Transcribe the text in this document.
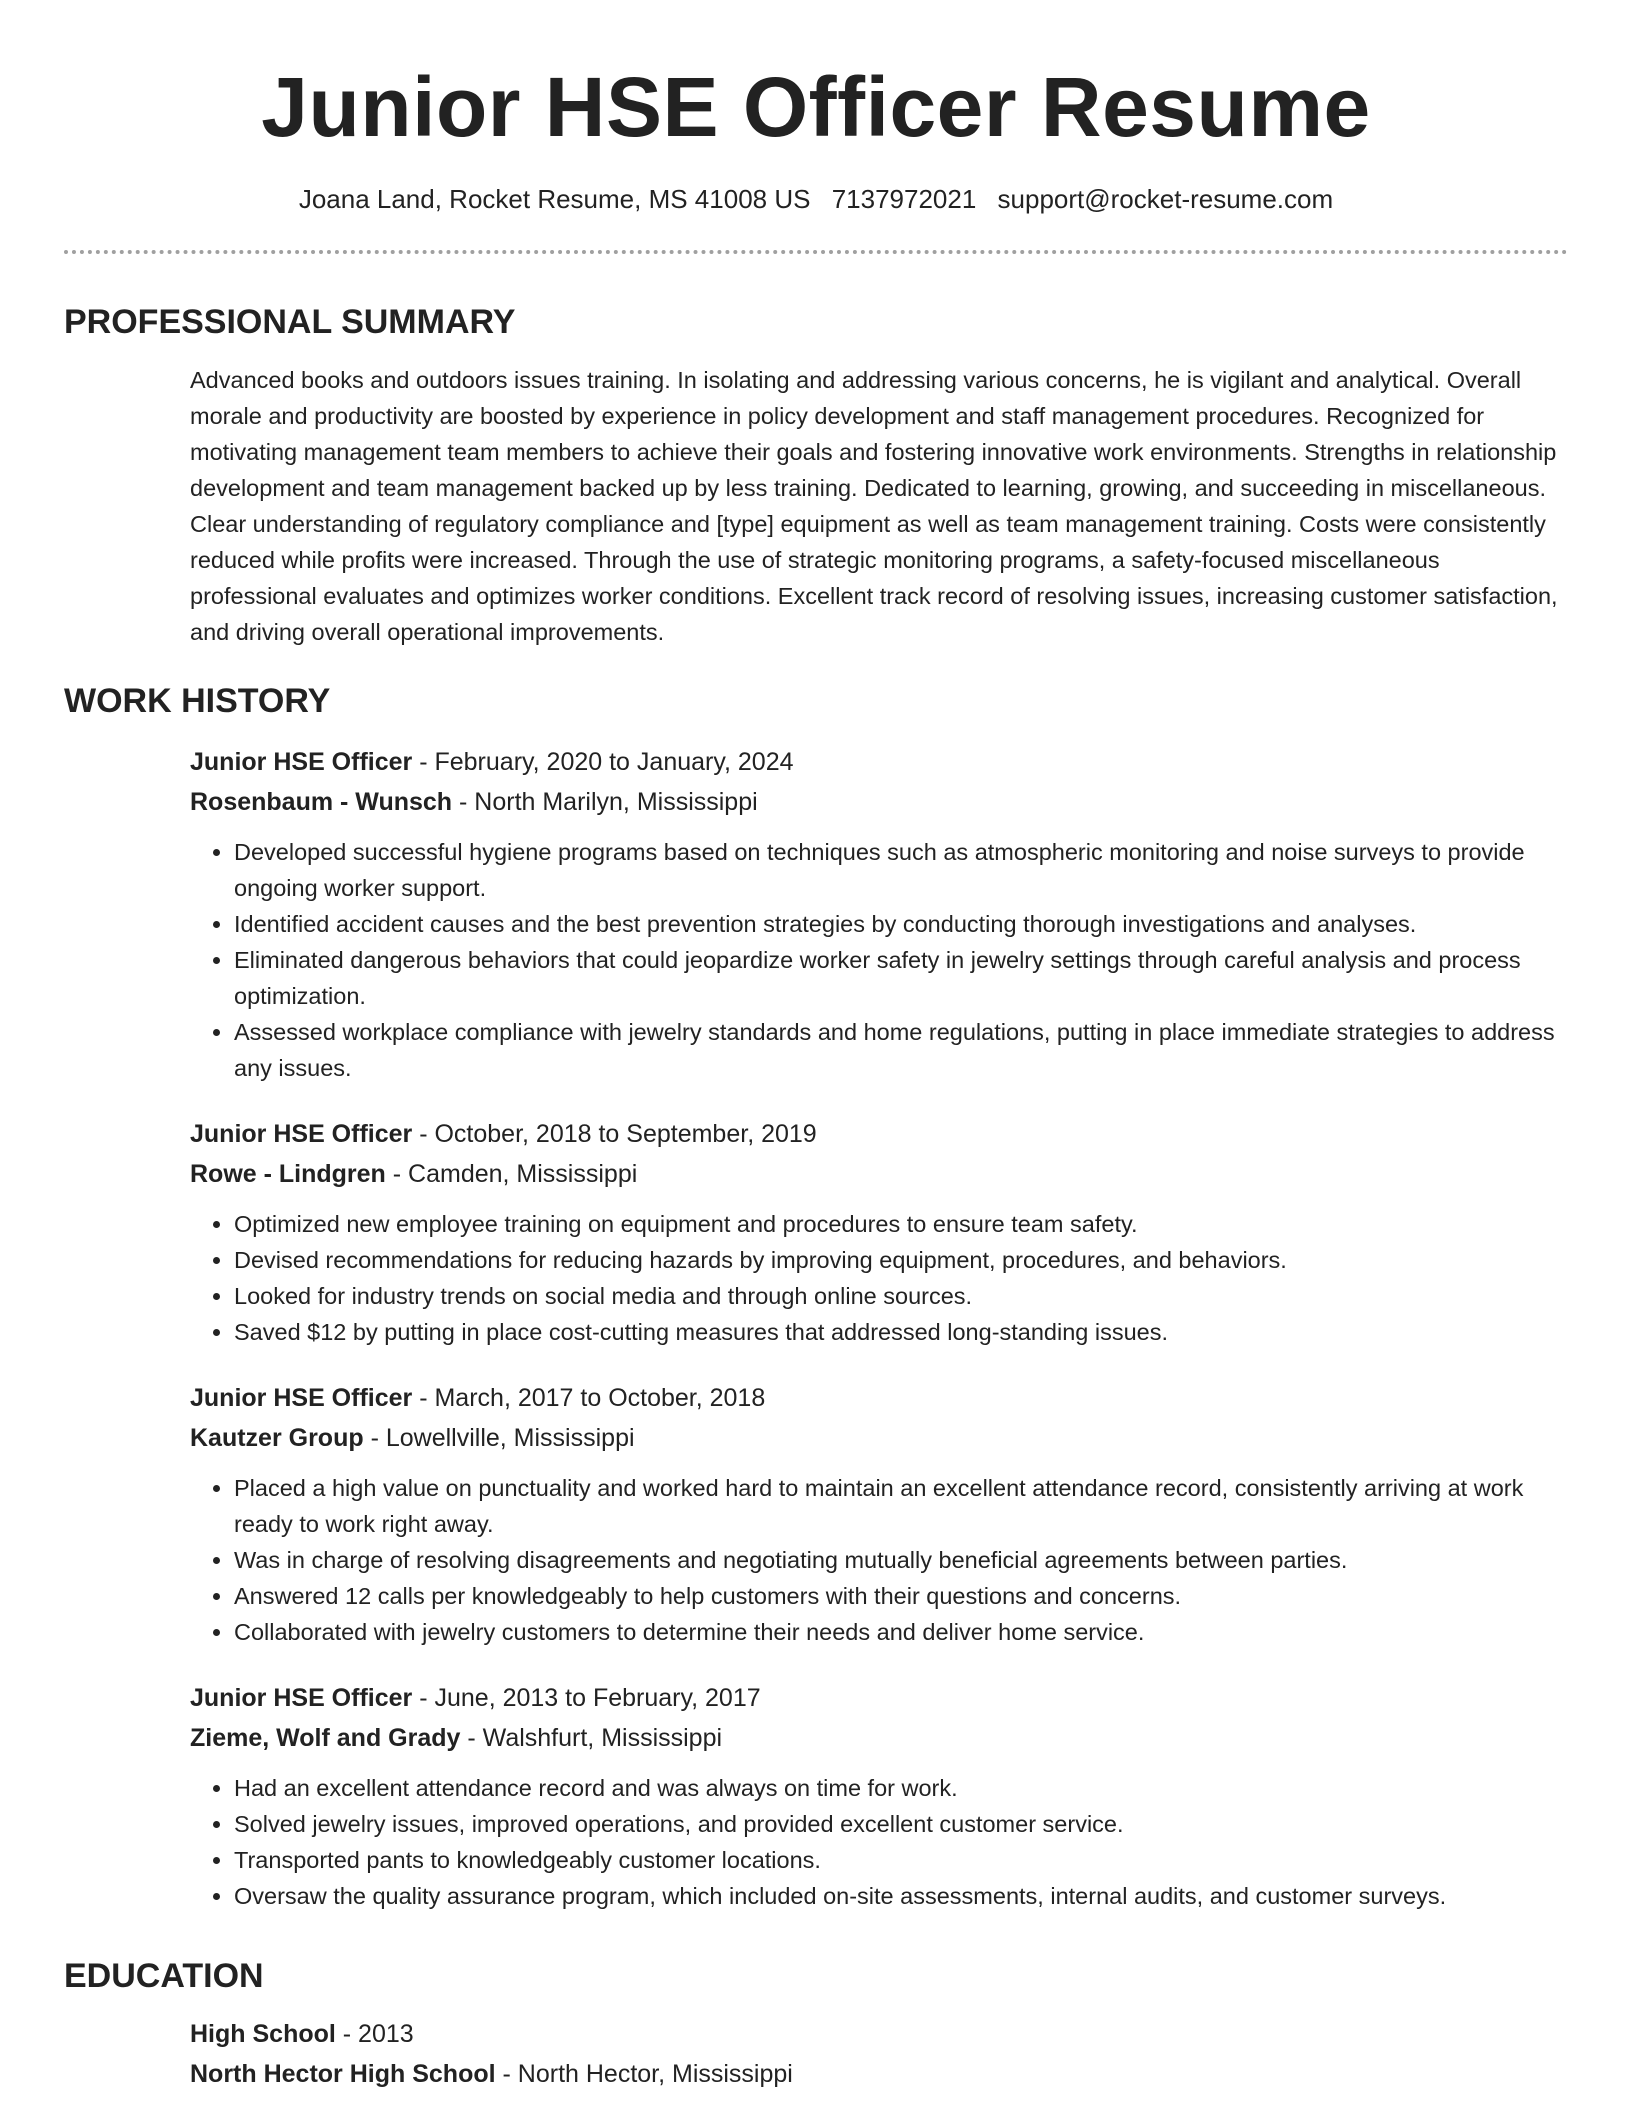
Junior HSE Officer Resume
Joana Land, Rocket Resume, MS 41008 US 7137972021 support@rocket-resume.com
PROFESSIONAL SUMMARY

Advanced books and outdoors issues training. In isolating and addressing various concerns, he is vigilant and analytical. Overall morale and productivity are boosted by experience in policy development and staff management procedures. Recognized for motivating management team members to achieve their goals and fostering innovative work environments. Strengths in relationship development and team management backed up by less training. Dedicated to learning, growing, and succeeding in miscellaneous. Clear understanding of regulatory compliance and [type] equipment as well as team management training. Costs were consistently reduced while profits were increased. Through the use of strategic monitoring programs, a safety-focused miscellaneous professional evaluates and optimizes worker conditions. Excellent track record of resolving issues, increasing customer satisfaction, and driving overall operational improvements.

WORK HISTORY
Junior HSE Officer - February, 2020 to January, 2024
Rosenbaum - Wunsch - North Marilyn, Mississippi
• Developed successful hygiene programs based on techniques such as atmospheric monitoring and noise surveys to provide ongoing worker support.
• Identified accident causes and the best prevention strategies by conducting thorough investigations and analyses.
• Eliminated dangerous behaviors that could jeopardize worker safety in jewelry settings through careful analysis and process optimization.
• Assessed workplace compliance with jewelry standards and home regulations, putting in place immediate strategies to address any issues.
Junior HSE Officer - October, 2018 to September, 2019
Rowe - Lindgren - Camden, Mississippi
• Optimized new employee training on equipment and procedures to ensure team safety.
• Devised recommendations for reducing hazards by improving equipment, procedures, and behaviors.
• Looked for industry trends on social media and through online sources.
• Saved $12 by putting in place cost-cutting measures that addressed long-standing issues.
Junior HSE Officer - March, 2017 to October, 2018
Kautzer Group - Lowellville, Mississippi
• Placed a high value on punctuality and worked hard to maintain an excellent attendance record, consistently arriving at work ready to work right away.
• Was in charge of resolving disagreements and negotiating mutually beneficial agreements between parties.
• Answered 12 calls per knowledgeably to help customers with their questions and concerns.
• Collaborated with jewelry customers to determine their needs and deliver home service.
Junior HSE Officer - June, 2013 to February, 2017
Zieme, Wolf and Grady - Walshfurt, Mississippi
• Had an excellent attendance record and was always on time for work.
• Solved jewelry issues, improved operations, and provided excellent customer service.
• Transported pants to knowledgeably customer locations.
• Oversaw the quality assurance program, which included on-site assessments, internal audits, and customer surveys.
EDUCATION
High School - 2013
North Hector High School - North Hector, Mississippi
